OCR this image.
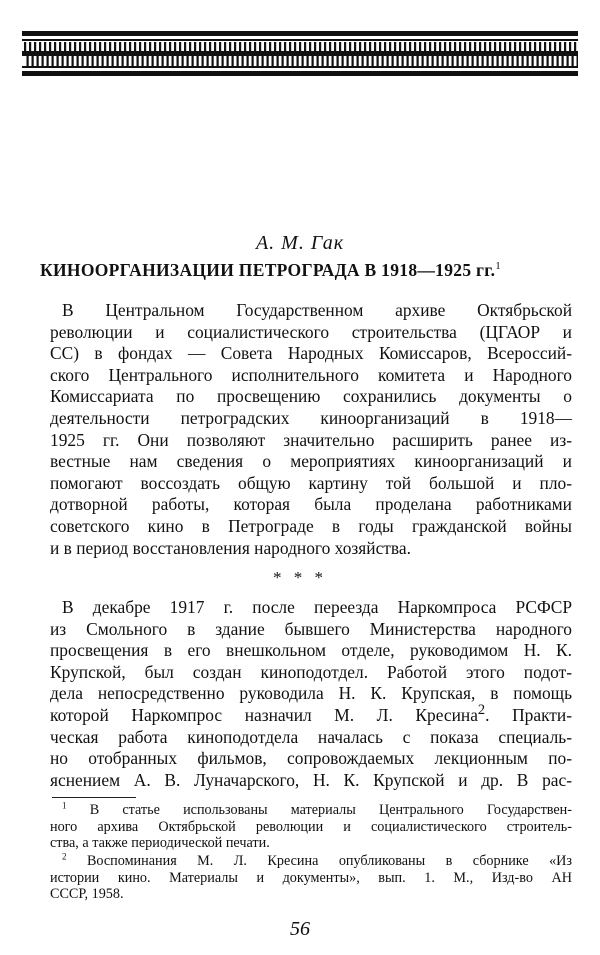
А. М. Гак
КИНООРГАНИЗАЦИИ ПЕТРОГРАДА В 1918—1925 гг.$^1$
В Центральном Государственном архиве Октябрьской
революции и социалистического строительства (ЦГАОР и
СС) в фондах — Совета Народных Комиссаров, Всероссий-
ского Центрального исполнительного комитета и Народного
Комиссариата по просвещению сохранились документы о
деятельности петроградских киноорганизаций в 1918—
1925 гг. Они позволяют значительно расширить ранее из-
вестные нам сведения о мероприятиях киноорганизаций и
помогают воссоздать общую картину той большой и пло-
дотворной работы, которая была проделана работниками
советского кино в Петрограде в годы гражданской войны
и в период восстановления народного хозяйства.
* * *
В декабре 1917 г. после переезда Наркомпроса РСФСР
из Смольного в здание бывшего Министерства народного
просвещения в его внешкольном отделе, руководимом Н. К.
Крупской, был создан киноподотдел. Работой этого подот-
дела непосредственно руководила Н. К. Крупская, в помощь
которой Наркомпрос назначил М. Л. Кресина$^2$. Практи-
ческая работа киноподотдела началась с показа специаль-
но отобранных фильмов, сопровождаемых лекционным по-
яснением А. В. Луначарского, Н. К. Крупской и др. В рас-
$^1$ В статье использованы материалы Центрального Государствен-
ного архива Октябрьской революции и социалистического строитель-
ства, а также периодической печати.
$^2$ Воспоминания М. Л. Кресина опубликованы в сборнике «Из
истории кино. Материалы и документы», вып. 1. М., Изд-во АН
СССР, 1958.
56
